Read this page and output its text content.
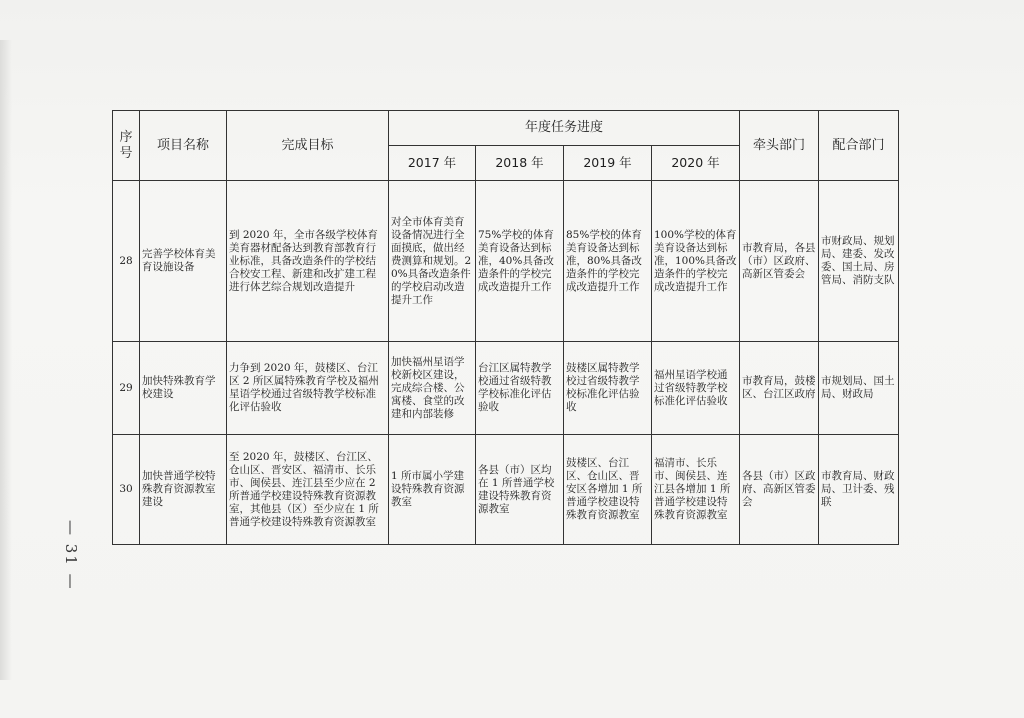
序号	项目名称	完成目标	年度任务进度				牵头部门	配合部门
			2017 年	2018 年	2019 年	2020 年		
28	完善学校体育美育设施设备	到 2020 年，全市各级学校体育美育器材配备达到教育部教育行业标准，具备改造条件的学校结合校安工程、新建和改扩建工程进行体艺综合规划改造提升	对全市体育美育设备情况进行全面摸底，做出经费测算和规划。20%具备改造条件的学校启动改造提升工作	75%学校的体育美育设备达到标准，40%具备改造条件的学校完成改造提升工作	85%学校的体育美育设备达到标准，80%具备改造条件的学校完成改造提升工作	100%学校的体育美育设备达到标准，100%具备改造条件的学校完成改造提升工作	市教育局，各县（市）区政府、高新区管委会	市财政局、规划局、建委、发改委、国土局、房管局、消防支队
29	加快特殊教育学校建设	力争到 2020 年，鼓楼区、台江区 2 所区属特殊教育学校及福州星语学校通过省级特教学校标准化评估验收	加快福州星语学校新校区建设，完成综合楼、公寓楼、食堂的改建和内部装修	台江区属特教学校通过省级特教学校标准化评估验收	鼓楼区属特教学校过省级特教学校标准化评估验收	福州星语学校通过省级特教学校标准化评估验收	市教育局，鼓楼区、台江区政府	市规划局、国土局、财政局
30	加快普通学校特殊教育资源教室建设	至 2020 年，鼓楼区、台江区、仓山区、晋安区、福清市、长乐市、闽侯县、连江县至少应在 2 所普通学校建设特殊教育资源教室，其他县（区）至少应在 1 所普通学校建设特殊教育资源教室	1 所市属小学建设特殊教育资源教室	各县（市）区均在 1 所普通学校建设特殊教育资源教室	鼓楼区、台江区、仓山区、晋安区各增加 1 所普通学校建设特殊教育资源教室	福清市、长乐市、闽侯县、连江县各增加 1 所普通学校建设特殊教育资源教室	各县（市）区政府、高新区管委会	市教育局、财政局、卫计委、残联
— 31 —
